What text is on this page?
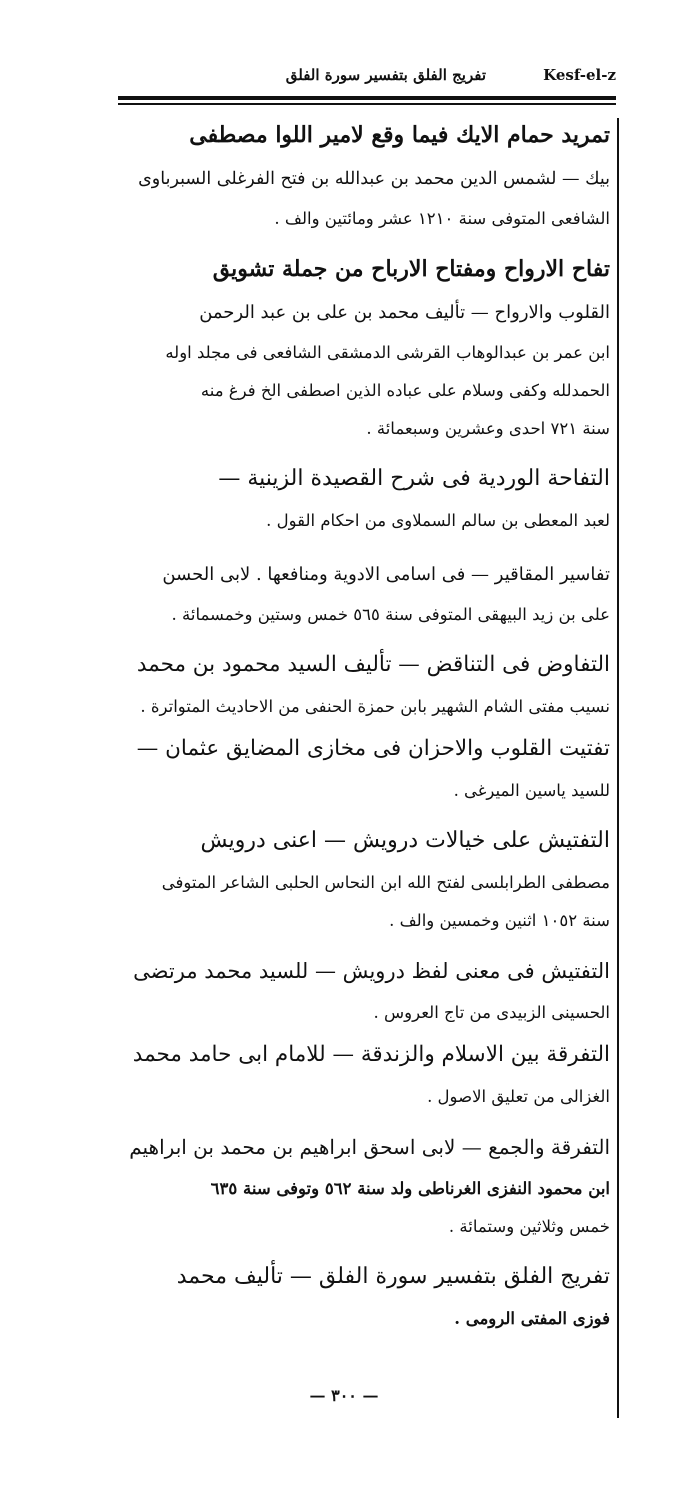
تفريج الفلق بتفسير سورة الفلق	Kesf-el-z
تمريد حمام الايك فيما وقع لامير اللوا مصطفى
بيك — لشمس الدين محمد بن عبدالله بن فتح الفرغلى السبرباوى
الشافعى المتوفى سنة ١٢١٠ عشر ومائتين والف .
تفاح الارواح ومفتاح الارباح من جملة تشويق
القلوب والارواح — تأليف محمد بن على بن عبد الرحمن
ابن عمر بن عبدالوهاب القرشى الدمشقى الشافعى فى مجلد اوله
الحمدلله وكفى وسلام على عباده الذين اصطفى الخ فرغ منه
سنة ٧٢١ احدى وعشرين وسبعمائة .
التفاحة الوردية فى شرح القصيدة الزينية —
لعبد المعطى بن سالم السملاوى من احكام القول .
تفاسير المقاقير — فى اسامى الادوية ومنافعها . لابى الحسن
على بن زيد البيهقى المتوفى سنة ٥٦٥ خمس وستين وخمسمائة .
التفاوض فى التناقض — تأليف السيد محمود بن محمد
نسيب مفتى الشام الشهير بابن حمزة الحنفى من الاحاديث المتواترة .
تفتيت القلوب والاحزان فى مخازى المضايق عثمان —
للسيد ياسين الميرغى .
التفتيش على خيالات درويش — اعنى درويش
مصطفى الطرابلسى لفتح الله ابن النحاس الحلبى الشاعر المتوفى
سنة ١٠٥٢ اثنين وخمسين والف .
التفتيش فى معنى لفظ درويش — للسيد محمد مرتضى
الحسينى الزبيدى من تاج العروس .
التفرقة بين الاسلام والزندقة — للامام ابى حامد محمد
الغزالى من تعليق الاصول .
التفرقة والجمع — لابى اسحق ابراهيم بن محمد بن ابراهيم
ابن محمود النفزى الغرناطى ولد سنة ٥٦٢ وتوفى سنة ٦٣٥
خمس وثلاثين وستمائة .
تفريج الفلق بتفسير سورة الفلق — تأليف محمد
فوزى المفتى الرومى .
— ٣٠٠ —
